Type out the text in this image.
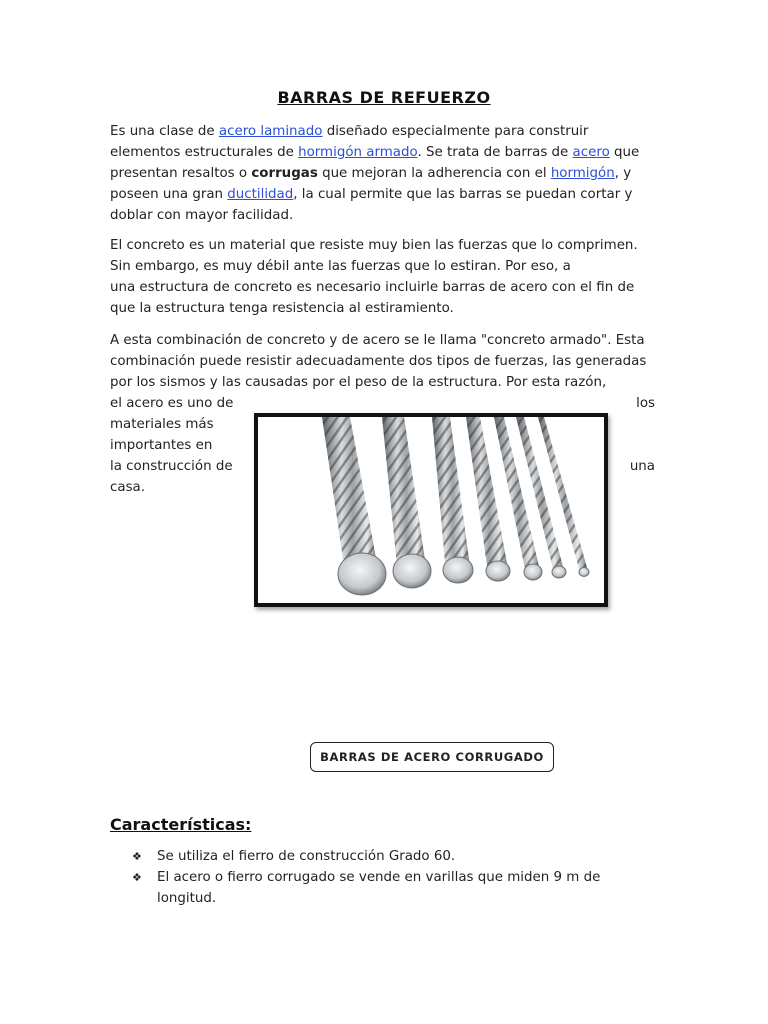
BARRAS DE REFUERZO

Es una clase de acero laminado diseñado especialmente para construir
elementos estructurales de hormigón armado. Se trata de barras de acero que
presentan resaltos o corrugas que mejoran la adherencia con el hormigón, y
poseen una gran ductilidad, la cual permite que las barras se puedan cortar y
doblar con mayor facilidad.

El concreto es un material que resiste muy bien las fuerzas que lo comprimen.
Sin embargo, es muy débil ante las fuerzas que lo estiran. Por eso, a
una estructura de concreto es necesario incluirle barras de acero con el fin de
que la estructura tenga resistencia al estiramiento.

A esta combinación de concreto y de acero se le llama "concreto armado". Esta
combinación puede resistir adecuadamente dos tipos de fuerzas, las generadas
por los sismos y las causadas por el peso de la estructura. Por esta razón,

el acero es uno de
materiales más
importantes en
la construcción de
casa.
los
una
BARRAS DE ACERO CORRUGADO
Características:
❖ Se utiliza el fierro de construcción Grado 60.
❖ El acero o fierro corrugado se vende en varillas que miden 9 m de
longitud.
